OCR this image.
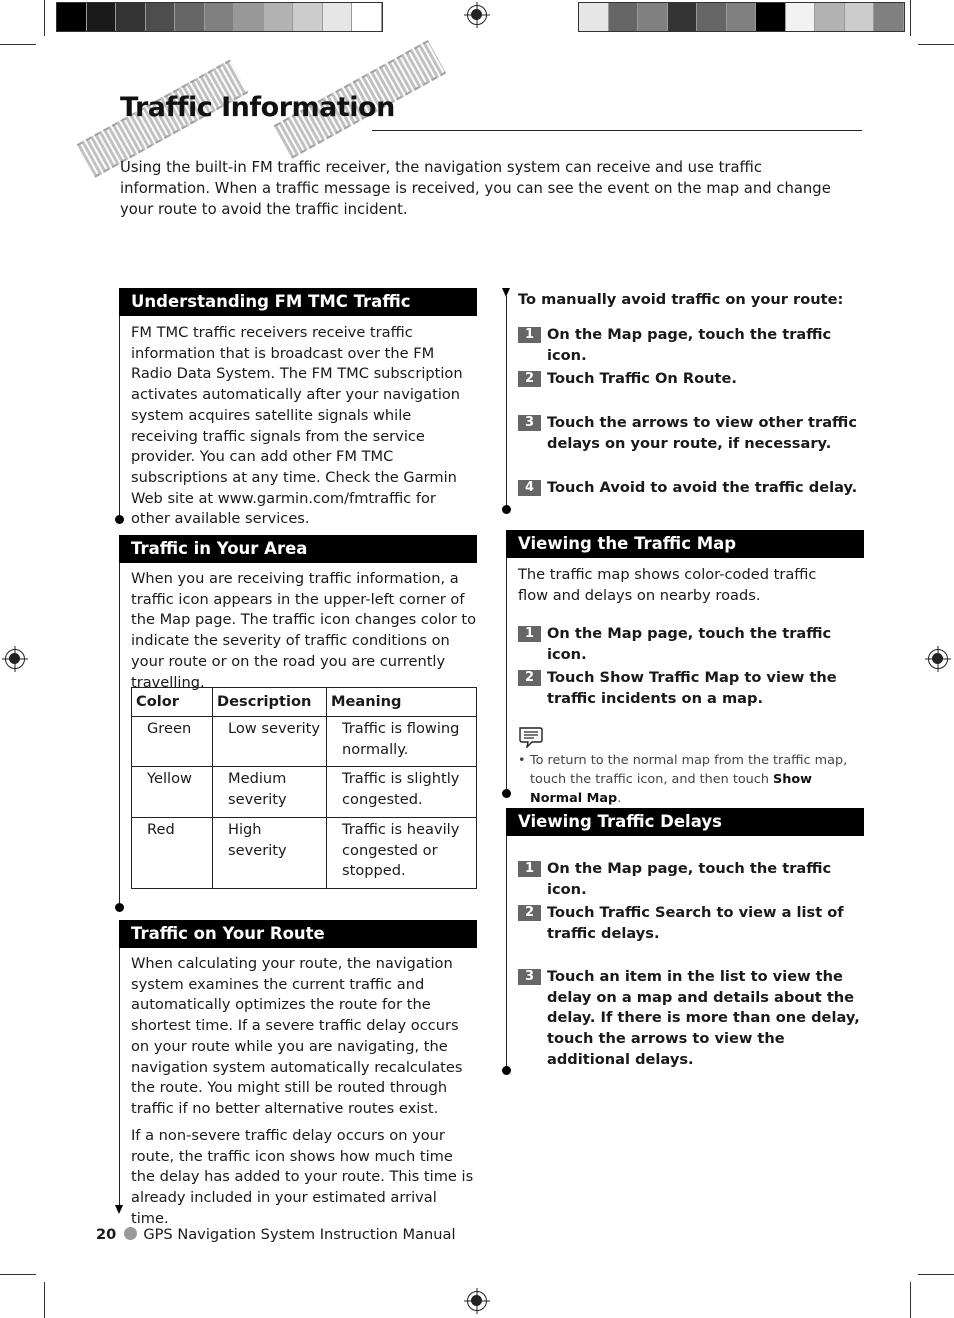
Traffic Information
Using the built-in FM traffic receiver, the navigation system can receive and use traffic information. When a traffic message is received, you can see the event on the map and change your route to avoid the traffic incident.
Understanding FM TMC Traffic
FM TMC traffic receivers receive traffic information that is broadcast over the FM Radio Data System. The FM TMC subscription activates automatically after your navigation system acquires satellite signals while receiving traffic signals from the service provider. You can add other FM TMC subscriptions at any time. Check the Garmin Web site at www.garmin.com/fmtraffic for other available services.
Traffic in Your Area
When you are receiving traffic information, a traffic icon appears in the upper-left corner of the Map page. The traffic icon changes color to indicate the severity of traffic conditions on your route or on the road you are currently travelling.
Color	Description	Meaning
Green	Low severity	Traffic is flowing normally.
Yellow	Medium severity	Traffic is slightly congested.
Red	High severity	Traffic is heavily congested or stopped.
Traffic on Your Route
When calculating your route, the navigation system examines the current traffic and automatically optimizes the route for the shortest time. If a severe traffic delay occurs on your route while you are navigating, the navigation system automatically recalculates the route. You might still be routed through traffic if no better alternative routes exist.
If a non-severe traffic delay occurs on your route, the traffic icon shows how much time the delay has added to your route. This time is already included in your estimated arrival time.
To manually avoid traffic on your route:
1 On the Map page, touch the traffic icon.
2 Touch Traffic On Route.
3 Touch the arrows to view other traffic delays on your route, if necessary.
4 Touch Avoid to avoid the traffic delay.
Viewing the Traffic Map
The traffic map shows color-coded traffic flow and delays on nearby roads.
1 On the Map page, touch the traffic icon.
2 Touch Show Traffic Map to view the traffic incidents on a map.
• To return to the normal map from the traffic map, touch the traffic icon, and then touch Show Normal Map.
Viewing Traffic Delays
1 On the Map page, touch the traffic icon.
2 Touch Traffic Search to view a list of traffic delays.
3 Touch an item in the list to view the delay on a map and details about the delay. If there is more than one delay, touch the arrows to view the additional delays.
20 GPS Navigation System Instruction Manual
